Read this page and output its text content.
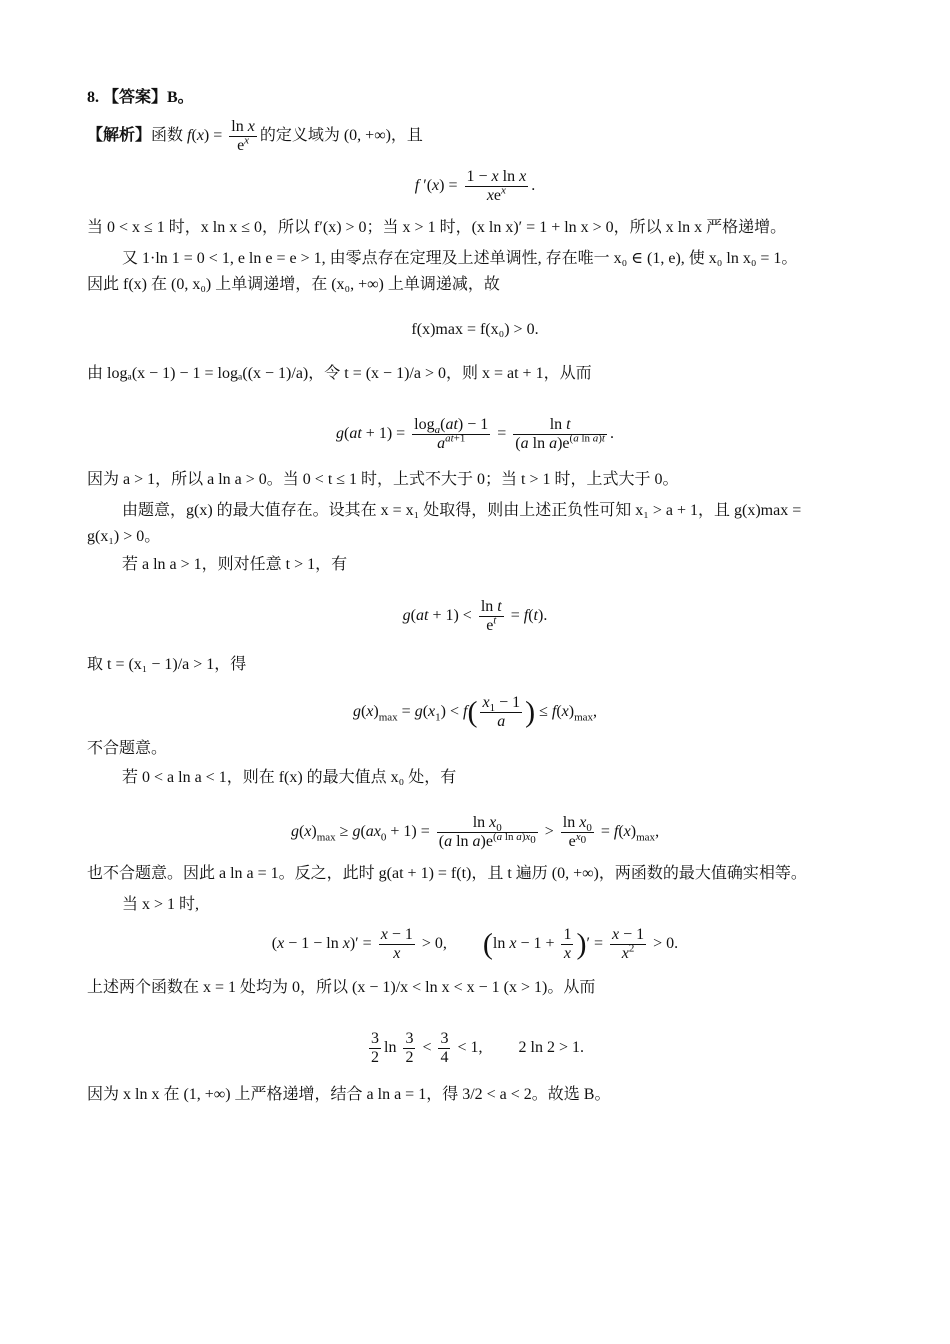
8. 【答案】B。
【解析】函数 $f(x) = \frac{\text{ln x}}{e^x}$ 的定义域为 (0, +∞)，且
f $'(x) = \frac{\text{1 − x ln x}}{xe^x}$ .
当 0 < x ≤ 1 时，x ln x ≤ 0，所以 f′(x) > 0；当 x > 1 时，(x ln x)′ = 1 + ln x > 0，所以 x ln x 严格递增。
又 1·ln 1 = 0 < 1, e ln e = e > 1, 由零点存在定理及上述单调性, 存在唯一 x₀ ∈ (1, e), 使 x₀ ln x₀ = 1。
因此 f(x) 在 (0, x₀) 上单调递增，在 (x₀, +∞) 上单调递减，故
f(x)max = f(x₀) > 0.
由 logₐ(x − 1) − 1 = logₐ((x − 1)/a)，令 t = (x − 1)/a > 0，则 x = at + 1，从而
$g(at + 1) = \frac{\log_a(at) - 1}{a^{at+1}} = \frac{\text{ln t}}{(a \ln a)e^{(a ln a)t}}$ .
因为 a > 1，所以 a ln a > 0。当 0 < t ≤ 1 时，上式不大于 0；当 t > 1 时，上式大于 0。
由题意，g(x) 的最大值存在。设其在 x = x₁ 处取得，则由上述正负性可知 x₁ > a + 1，且 g(x)max =
g(x₁) > 0。
若 a ln a > 1，则对任意 t > 1，有
$g(at + 1) < \frac{\text{ln t}}{e^t} = f(t)$.
取 t = (x₁ − 1)/a > 1，得
$g(x)_{max} = g(x_1) < f( \frac{x_1 - 1}{a}$ ) ≤ $f(x)_{max}$,
不合题意。
若 0 < a ln a < 1，则在 f(x) 的最大值点 x₀ 处，有
$g(x)_{max} \ge g(ax_0 + 1) = \frac{\ln x_0}{(a \ln a)e^{(a ln a)x_0}} > \frac{\ln x_0}{e^{x_0}} = f(x)_{max}$,
也不合题意。因此 a ln a = 1。反之，此时 g(at + 1) = f(t)，且 t 遍历 (0, +∞)，两函数的最大值确实相等。
当 x > 1 时,
$(x - 1 - \ln x)' = \frac{x - 1}{x} > 0$,         (ln $x - 1 + \frac{1}{x}$ )′ = $\frac{x - 1}{x^2} > 0$.
上述两个函数在 x = 1 处均为 0，所以 (x − 1)/x < ln x < x − 1 (x > 1)。从而
$\frac{3}{2}$ $\ln \frac{3}{2} < \frac{3}{4} < 1$,         2 ln 2 > 1.
因为 x ln x 在 (1, +∞) 上严格递增，结合 a ln a = 1，得 3/2 < a < 2。故选 B。
